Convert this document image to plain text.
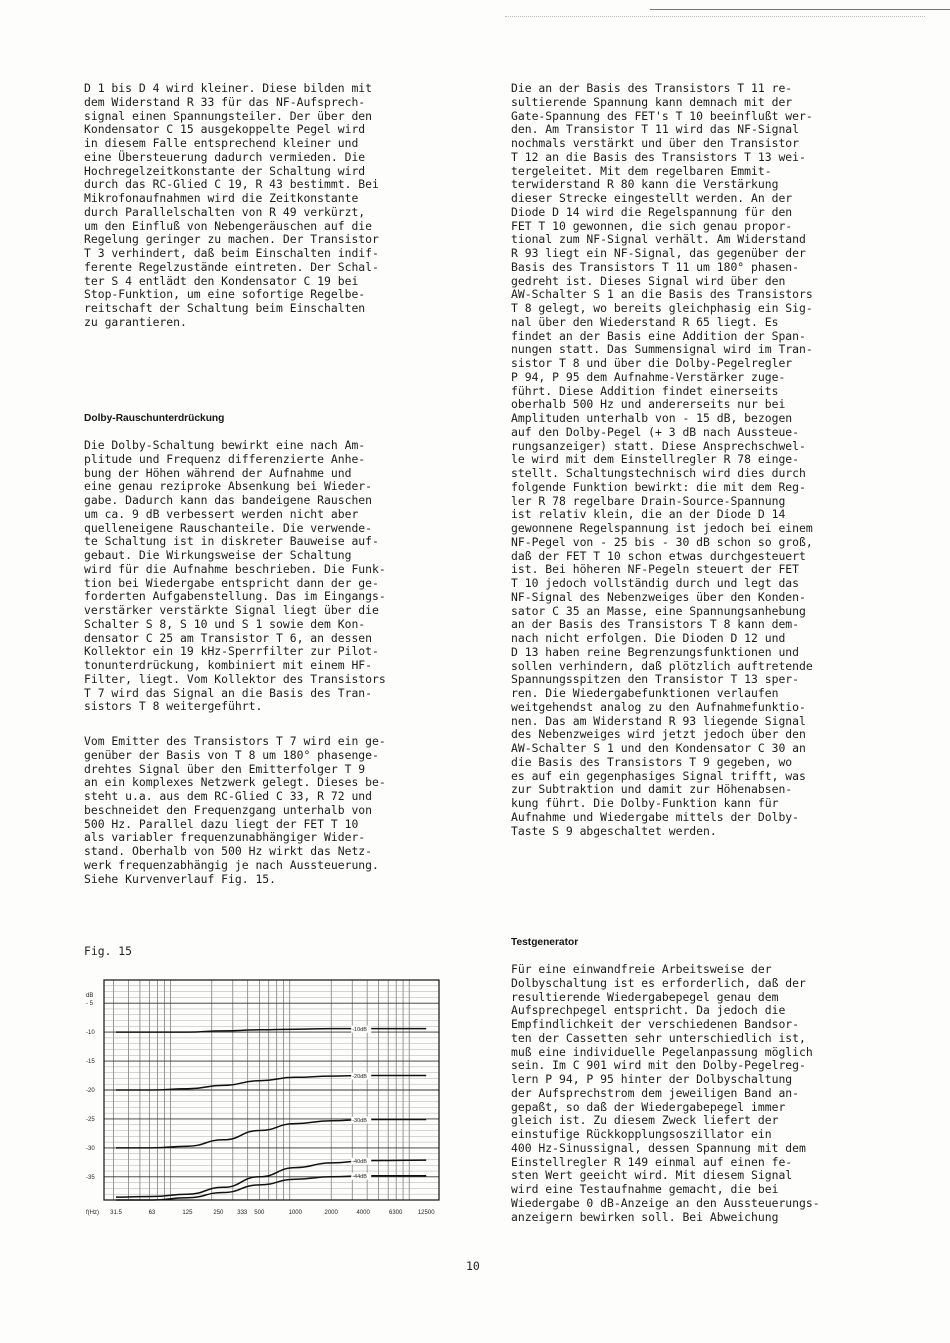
D 1 bis D 4 wird kleiner. Diese bilden mit
dem Widerstand R 33 für das NF-Aufsprech-
signal einen Spannungsteiler. Der über den
Kondensator C 15 ausgekoppelte Pegel wird
in diesem Falle entsprechend kleiner und
eine Übersteuerung dadurch vermieden. Die
Hochregelzeitkonstante der Schaltung wird
durch das RC-Glied C 19, R 43 bestimmt. Bei
Mikrofonaufnahmen wird die Zeitkonstante
durch Parallelschalten von R 49 verkürzt,
um den Einfluß von Nebengeräuschen auf die
Regelung geringer zu machen. Der Transistor
T 3 verhindert, daß beim Einschalten indif-
ferente Regelzustände eintreten. Der Schal-
ter S 4 entlädt den Kondensator C 19 bei
Stop-Funktion, um eine sofortige Regelbe-
reitschaft der Schaltung beim Einschalten
zu garantieren.
Dolby-Rauschunterdrückung
Die Dolby-Schaltung bewirkt eine nach Am-
plitude und Frequenz differenzierte Anhe-
bung der Höhen während der Aufnahme und
eine genau reziproke Absenkung bei Wieder-
gabe. Dadurch kann das bandeigene Rauschen
um ca. 9 dB verbessert werden nicht aber
quelleneigene Rauschanteile. Die verwende-
te Schaltung ist in diskreter Bauweise auf-
gebaut. Die Wirkungsweise der Schaltung
wird für die Aufnahme beschrieben. Die Funk-
tion bei Wiedergabe entspricht dann der ge-
forderten Aufgabenstellung. Das im Eingangs-
verstärker verstärkte Signal liegt über die
Schalter S 8, S 10 und S 1 sowie dem Kon-
densator C 25 am Transistor T 6, an dessen
Kollektor ein 19 kHz-Sperrfilter zur Pilot-
tonunterdrückung, kombiniert mit einem HF-
Filter, liegt. Vom Kollektor des Transistors
T 7 wird das Signal an die Basis des Tran-
sistors T 8 weitergeführt.
Vom Emitter des Transistors T 7 wird ein ge-
genüber der Basis von T 8 um 180° phasenge-
drehtes Signal über den Emitterfolger T 9
an ein komplexes Netzwerk gelegt. Dieses be-
steht u.a. aus dem RC-Glied C 33, R 72 und
beschneidet den Frequenzgang unterhalb von
500 Hz. Parallel dazu liegt der FET T 10
als variabler frequenzunabhängiger Wider-
stand. Oberhalb von 500 Hz wirkt das Netz-
werk frequenzabhängig je nach Aussteuerung.
Siehe Kurvenverlauf Fig. 15.
Fig. 15
dB
- 5
-10
-15
-20
-25
-30
-35
f(Hz) 31.5	63	125	250 333 500	1000	2000	4000	6300	12500
-10dB
-20dB
-30dB
-40dB
-44dB
Die an der Basis des Transistors T 11 re-
sultierende Spannung kann demnach mit der
Gate-Spannung des FET's T 10 beeinflußt wer-
den. Am Transistor T 11 wird das NF-Signal
nochmals verstärkt und über den Transistor
T 12 an die Basis des Transistors T 13 wei-
tergeleitet. Mit dem regelbaren Emmit-
terwiderstand R 80 kann die Verstärkung
dieser Strecke eingestellt werden. An der
Diode D 14 wird die Regelspannung für den
FET T 10 gewonnen, die sich genau propor-
tional zum NF-Signal verhält. Am Widerstand
R 93 liegt ein NF-Signal, das gegenüber der
Basis des Transistors T 11 um 180° phasen-
gedreht ist. Dieses Signal wird über den
AW-Schalter S 1 an die Basis des Transistors
T 8 gelegt, wo bereits gleichphasig ein Sig-
nal über den Wiederstand R 65 liegt. Es
findet an der Basis eine Addition der Span-
nungen statt. Das Summensignal wird im Tran-
sistor T 8 und über die Dolby-Pegelregler
P 94, P 95 dem Aufnahme-Verstärker zuge-
führt. Diese Addition findet einerseits
oberhalb 500 Hz und andererseits nur bei
Amplituden unterhalb von - 15 dB, bezogen
auf den Dolby-Pegel (+ 3 dB nach Aussteue-
rungsanzeiger) statt. Diese Ansprechschwel-
le wird mit dem Einstellregler R 78 einge-
stellt. Schaltungstechnisch wird dies durch
folgende Funktion bewirkt: die mit dem Reg-
ler R 78 regelbare Drain-Source-Spannung
ist relativ klein, die an der Diode D 14
gewonnene Regelspannung ist jedoch bei einem
NF-Pegel von - 25 bis - 30 dB schon so groß,
daß der FET T 10 schon etwas durchgesteuert
ist. Bei höheren NF-Pegeln steuert der FET
T 10 jedoch vollständig durch und legt das
NF-Signal des Nebenzweiges über den Konden-
sator C 35 an Masse, eine Spannungsanhebung
an der Basis des Transistors T 8 kann dem-
nach nicht erfolgen. Die Dioden D 12 und
D 13 haben reine Begrenzungsfunktionen und
sollen verhindern, daß plötzlich auftretende
Spannungsspitzen den Transistor T 13 sper-
ren. Die Wiedergabefunktionen verlaufen
weitgehendst analog zu den Aufnahmefunktio-
nen. Das am Widerstand R 93 liegende Signal
des Nebenzweiges wird jetzt jedoch über den
AW-Schalter S 1 und den Kondensator C 30 an
die Basis des Transistors T 9 gegeben, wo
es auf ein gegenphasiges Signal trifft, was
zur Subtraktion und damit zur Höhenabsen-
kung führt. Die Dolby-Funktion kann für
Aufnahme und Wiedergabe mittels der Dolby-
Taste S 9 abgeschaltet werden.
Testgenerator
Für eine einwandfreie Arbeitsweise der
Dolbyschaltung ist es erforderlich, daß der
resultierende Wiedergabepegel genau dem
Aufsprechpegel entspricht. Da jedoch die
Empfindlichkeit der verschiedenen Bandsor-
ten der Cassetten sehr unterschiedlich ist,
muß eine individuelle Pegelanpassung möglich
sein. Im C 901 wird mit den Dolby-Pegelreg-
lern P 94, P 95 hinter der Dolbyschaltung
der Aufsprechstrom dem jeweiligen Band an-
gepaßt, so daß der Wiedergabepegel immer
gleich ist. Zu diesem Zweck liefert der
einstufige Rückkopplungsoszillator ein
400 Hz-Sinussignal, dessen Spannung mit dem
Einstellregler R 149 einmal auf einen fe-
sten Wert geeicht wird. Mit diesem Signal
wird eine Testaufnahme gemacht, die bei
Wiedergabe 0 dB-Anzeige an den Aussteuerungs-
anzeigern bewirken soll. Bei Abweichung
10
